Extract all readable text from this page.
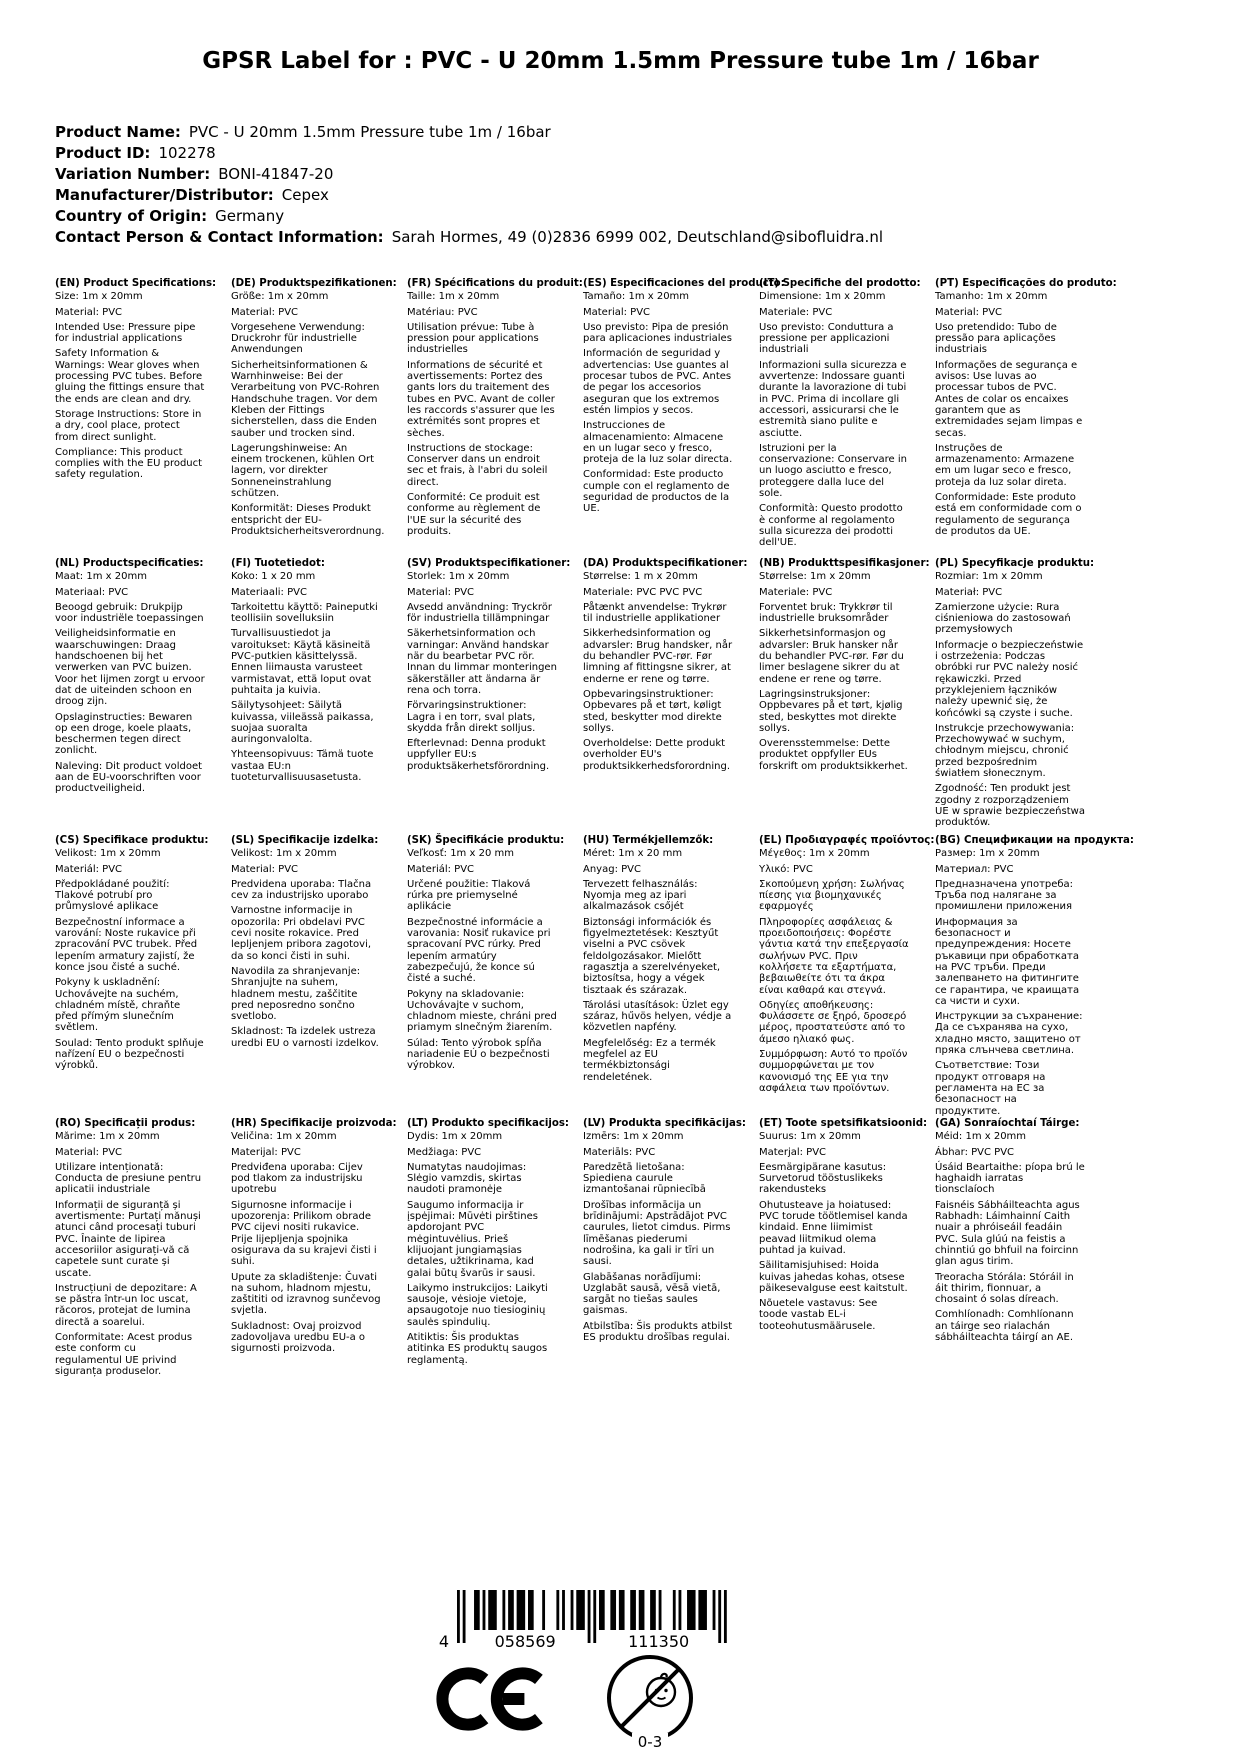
GPSR Label for : PVC - U 20mm 1.5mm Pressure tube 1m / 16bar
Product Name: PVC - U 20mm 1.5mm Pressure tube 1m / 16bar
Product ID: 102278
Variation Number: BONI-41847-20
Manufacturer/Distributor: Cepex
Country of Origin: Germany
Contact Person & Contact Information: Sarah Hormes, 49 (0)2836 6999 002, Deutschland@sibofluidra.nl
(EN) Product Specifications:

Size: 1m x 20mm

Material: PVC

Intended Use: Pressure pipe for industrial applications

Safety Information & Warnings: Wear gloves when processing PVC tubes. Before gluing the fittings ensure that the ends are clean and dry.

Storage Instructions: Store in a dry, cool place, protect from direct sunlight.

Compliance: This product complies with the EU product safety regulation.

(DE) Produktspezifikationen:

Größe: 1m x 20mm

Material: PVC

Vorgesehene Verwendung: Druckrohr für industrielle Anwendungen

Sicherheitsinformationen & Warnhinweise: Bei der Verarbeitung von PVC-Rohren Handschuhe tragen. Vor dem Kleben der Fittings sicherstellen, dass die Enden sauber und trocken sind.

Lagerungshinweise: An einem trockenen, kühlen Ort lagern, vor direkter Sonneneinstrahlung schützen.

Konformität: Dieses Produkt entspricht der EU-Produktsicherheitsverordnung.

(FR) Spécifications du produit:

Taille: 1m x 20mm

Matériau: PVC

Utilisation prévue: Tube à pression pour applications industrielles

Informations de sécurité et avertissements: Portez des gants lors du traitement des tubes en PVC. Avant de coller les raccords s'assurer que les extrémités sont propres et sèches.

Instructions de stockage: Conserver dans un endroit sec et frais, à l'abri du soleil direct.

Conformité: Ce produit est conforme au règlement de l'UE sur la sécurité des produits.

(ES) Especificaciones del producto:

Tamaño: 1m x 20mm

Material: PVC

Uso previsto: Pipa de presión para aplicaciones industriales

Información de seguridad y advertencias: Use guantes al procesar tubos de PVC. Antes de pegar los accesorios aseguran que los extremos estén limpios y secos.

Instrucciones de almacenamiento: Almacene en un lugar seco y fresco, proteja de la luz solar directa.

Conformidad: Este producto cumple con el reglamento de seguridad de productos de la UE.

(IT) Specifiche del prodotto:

Dimensione: 1m x 20mm

Materiale: PVC

Uso previsto: Conduttura a pressione per applicazioni industriali

Informazioni sulla sicurezza e avvertenze: Indossare guanti durante la lavorazione di tubi in PVC. Prima di incollare gli accessori, assicurarsi che le estremità siano pulite e asciutte.

Istruzioni per la conservazione: Conservare in un luogo asciutto e fresco, proteggere dalla luce del sole.

Conformità: Questo prodotto è conforme al regolamento sulla sicurezza dei prodotti dell'UE.

(PT) Especificações do produto:

Tamanho: 1m x 20mm

Material: PVC

Uso pretendido: Tubo de pressão para aplicações industriais

Informações de segurança e avisos: Use luvas ao processar tubos de PVC. Antes de colar os encaixes garantem que as extremidades sejam limpas e secas.

Instruções de armazenamento: Armazene em um lugar seco e fresco, proteja da luz solar direta.

Conformidade: Este produto está em conformidade com o regulamento de segurança de produtos da UE.

(NL) Productspecificaties:

Maat: 1m x 20mm

Materiaal: PVC

Beoogd gebruik: Drukpijp voor industriële toepassingen

Veiligheidsinformatie en waarschuwingen: Draag handschoenen bij het verwerken van PVC buizen. Voor het lijmen zorgt u ervoor dat de uiteinden schoon en droog zijn.

Opslaginstructies: Bewaren op een droge, koele plaats, beschermen tegen direct zonlicht.

Naleving: Dit product voldoet aan de EU-voorschriften voor productveiligheid.

(FI) Tuotetiedot:

Koko: 1 x 20 mm

Materiaali: PVC

Tarkoitettu käyttö: Paineputki teollisiin sovelluksiin

Turvallisuustiedot ja varoitukset: Käytä käsineitä PVC-putkien käsittelyssä. Ennen liimausta varusteet varmistavat, että loput ovat puhtaita ja kuivia.

Säilytysohjeet: Säilytä kuivassa, viileässä paikassa, suojaa suoralta auringonvalolta.

Yhteensopivuus: Tämä tuote vastaa EU:n tuoteturvallisuusasetusta.

(SV) Produktspecifikationer:

Storlek: 1m x 20mm

Material: PVC

Avsedd användning: Tryckrör för industriella tillämpningar

Säkerhetsinformation och varningar: Använd handskar när du bearbetar PVC rör. Innan du limmar monteringen säkerställer att ändarna är rena och torra.

Förvaringsinstruktioner: Lagra i en torr, sval plats, skydda från direkt solljus.

Efterlevnad: Denna produkt uppfyller EU:s produktsäkerhetsförordning.

(DA) Produktspecifikationer:

Størrelse: 1 m x 20mm

Materiale: PVC PVC PVC

Påtænkt anvendelse: Trykrør til industrielle applikationer

Sikkerhedsinformation og advarsler: Brug handsker, når du behandler PVC-rør. Før limning af fittingsne sikrer, at enderne er rene og tørre.

Opbevaringsinstruktioner: Opbevares på et tørt, køligt sted, beskytter mod direkte sollys.

Overholdelse: Dette produkt overholder EU's produktsikkerhedsforordning.

(NB) Produkttspesifikasjoner:

Størrelse: 1m x 20mm

Materiale: PVC

Forventet bruk: Trykkrør til industrielle bruksområder

Sikkerhetsinformasjon og advarsler: Bruk hansker når du behandler PVC-rør. Før du limer beslagene sikrer du at endene er rene og tørre.

Lagringsinstruksjoner: Oppbevares på et tørt, kjølig sted, beskyttes mot direkte sollys.

Overensstemmelse: Dette produktet oppfyller EUs forskrift om produktsikkerhet.

(PL) Specyfikacje produktu:

Rozmiar: 1m x 20mm

Materiał: PVC

Zamierzone użycie: Rura ciśnieniowa do zastosowań przemysłowych

Informacje o bezpieczeństwie i ostrzeżenia: Podczas obróbki rur PVC należy nosić rękawiczki. Przed przyklejeniem łączników należy upewnić się, że końcówki są czyste i suche.

Instrukcje przechowywania: Przechowywać w suchym, chłodnym miejscu, chronić przed bezpośrednim światłem słonecznym.

Zgodność: Ten produkt jest zgodny z rozporządzeniem UE w sprawie bezpieczeństwa produktów.

(CS) Specifikace produktu:

Velikost: 1m x 20mm

Materiál: PVC

Předpokládané použití: Tlakové potrubí pro průmyslové aplikace

Bezpečnostní informace a varování: Noste rukavice při zpracování PVC trubek. Před lepením armatury zajistí, že konce jsou čisté a suché.

Pokyny k uskladnění: Uchovávejte na suchém, chladném místě, chraňte před přímým slunečním světlem.

Soulad: Tento produkt splňuje nařízení EU o bezpečnosti výrobků.

(SL) Specifikacije izdelka:

Velikost: 1m x 20mm

Material: PVC

Predvidena uporaba: Tlačna cev za industrijsko uporabo

Varnostne informacije in opozorila: Pri obdelavi PVC cevi nosite rokavice. Pred lepljenjem pribora zagotovi, da so konci čisti in suhi.

Navodila za shranjevanje: Shranjujte na suhem, hladnem mestu, zaščitite pred neposredno sončno svetlobo.

Skladnost: Ta izdelek ustreza uredbi EU o varnosti izdelkov.

(SK) Špecifikácie produktu:

Veľkosť: 1m x 20 mm

Materiál: PVC

Určené použitie: Tlaková rúrka pre priemyselné aplikácie

Bezpečnostné informácie a varovania: Nosiť rukavice pri spracovaní PVC rúrky. Pred lepením armatúry zabezpečujú, že konce sú čisté a suché.

Pokyny na skladovanie: Uchovávajte v suchom, chladnom mieste, chráni pred priamym slnečným žiarením.

Súlad: Tento výrobok spĺňa nariadenie EÚ o bezpečnosti výrobkov.

(HU) Termékjellemzők:

Méret: 1m x 20 mm

Anyag: PVC

Tervezett felhasználás: Nyomja meg az ipari alkalmazások csőjét

Biztonsági információk és figyelmeztetések: Kesztyűt viselni a PVC csövek feldolgozásakor. Mielőtt ragasztja a szerelvényeket, biztosítsa, hogy a végek tisztaak és szárazak.

Tárolási utasítások: Üzlet egy száraz, hűvös helyen, védje a közvetlen napfény.

Megfelelőség: Ez a termék megfelel az EU termékbiztonsági rendeletének.

(EL) Προδιαγραφές προϊόντος:

Μέγεθος: 1m x 20mm

Υλικό: PVC

Σκοπούμενη χρήση: Σωλήνας πίεσης για βιομηχανικές εφαρμογές

Πληροφορίες ασφάλειας & προειδοποιήσεις: Φορέστε γάντια κατά την επεξεργασία σωλήνων PVC. Πριν κολλήσετε τα εξαρτήματα, βεβαιωθείτε ότι τα άκρα είναι καθαρά και στεγνά.

Οδηγίες αποθήκευσης: Φυλάσσετε σε ξηρό, δροσερό μέρος, προστατεύστε από το άμεσο ηλιακό φως.

Συμμόρφωση: Αυτό το προϊόν συμμορφώνεται με τον κανονισμό της ΕΕ για την ασφάλεια των προϊόντων.

(BG) Спецификации на продукта:

Размер: 1m x 20mm

Материал: PVC

Предназначена употреба: Тръба под налягане за промишлени приложения

Информация за безопасност и предупреждения: Носете ръкавици при обработката на PVC тръби. Преди залепването на фитингите се гарантира, че краищата са чисти и сухи.

Инструкции за съхранение: Да се съхранява на сухо, хладно място, защитено от пряка слънчева светлина.

Съответствие: Този продукт отговаря на регламента на ЕС за безопасност на продуктите.

(RO) Specificații produs:

Mărime: 1m x 20mm

Material: PVC

Utilizare intenționată: Conducta de presiune pentru aplicatii industriale

Informații de siguranță și avertismente: Purtați mănuși atunci când procesați tuburi PVC. Înainte de lipirea accesoriilor asigurați-vă că capetele sunt curate și uscate.

Instrucțiuni de depozitare: A se păstra într-un loc uscat, răcoros, protejat de lumina directă a soarelui.

Conformitate: Acest produs este conform cu regulamentul UE privind siguranța produselor.

(HR) Specifikacije proizvoda:

Veličina: 1m x 20mm

Materijal: PVC

Predviđena uporaba: Cijev pod tlakom za industrijsku upotrebu

Sigurnosne informacije i upozorenja: Prilikom obrade PVC cijevi nositi rukavice. Prije lijepljenja spojnika osigurava da su krajevi čisti i suhi.

Upute za skladištenje: Čuvati na suhom, hladnom mjestu, zaštititi od izravnog sunčevog svjetla.

Sukladnost: Ovaj proizvod zadovoljava uredbu EU-a o sigurnosti proizvoda.

(LT) Produkto specifikacijos:

Dydis: 1m x 20mm

Medžiaga: PVC

Numatytas naudojimas: Slėgio vamzdis, skirtas naudoti pramonėje

Saugumo informacija ir įspėjimai: Mūvėti pirštines apdorojant PVC mėgintuvėlius. Prieš klijuojant jungiamąsias detales, užtikrinama, kad galai būtų švarūs ir sausi.

Laikymo instrukcijos: Laikyti sausoje, vėsioje vietoje, apsaugotoje nuo tiesioginių saulės spindulių.

Atitiktis: Šis produktas atitinka ES produktų saugos reglamentą.

(LV) Produkta specifikācijas:

Izmērs: 1m x 20mm

Materiāls: PVC

Paredzētā lietošana: Spiediena caurule izmantošanai rūpniecībā

Drošības informācija un brīdinājumi: Apstrādājot PVC caurules, lietot cimdus. Pirms līmēšanas piederumi nodrošina, ka gali ir tīri un sausi.

Glabāšanas norādījumi: Uzglabāt sausā, vēsā vietā, sargāt no tiešas saules gaismas.

Atbilstība: Šis produkts atbilst ES produktu drošības regulai.

(ET) Toote spetsifikatsioonid:

Suurus: 1m x 20mm

Materjal: PVC

Eesmärgipärane kasutus: Survetorud tööstuslikeks rakendusteks

Ohutusteave ja hoiatused: PVC torude töötlemisel kanda kindaid. Enne liimimist peavad liitmikud olema puhtad ja kuivad.

Säilitamisjuhised: Hoida kuivas jahedas kohas, otsese päikesevalguse eest kaitstult.

Nõuetele vastavus: See toode vastab EL-i tooteohutusmäärusele.

(GA) Sonraíochtaí Táirge:

Méid: 1m x 20mm

Ábhar: PVC PVC

Úsáid Beartaithe: píopa brú le haghaidh iarratas tionsclaíoch

Faisnéis Sábháilteachta agus Rabhadh: Láimhainní Caith nuair a phróiseáil feadáin PVC. Sula glúú na feistis a chinntiú go bhfuil na foircinn glan agus tirim.

Treoracha Stórála: Stóráil in áit thirim, fionnuar, a chosaint ó solas díreach.

Comhlíonadh: Comhlíonann an táirge seo rialachán sábháilteachta táirgí an AE.

4	058569	111350
0-3
